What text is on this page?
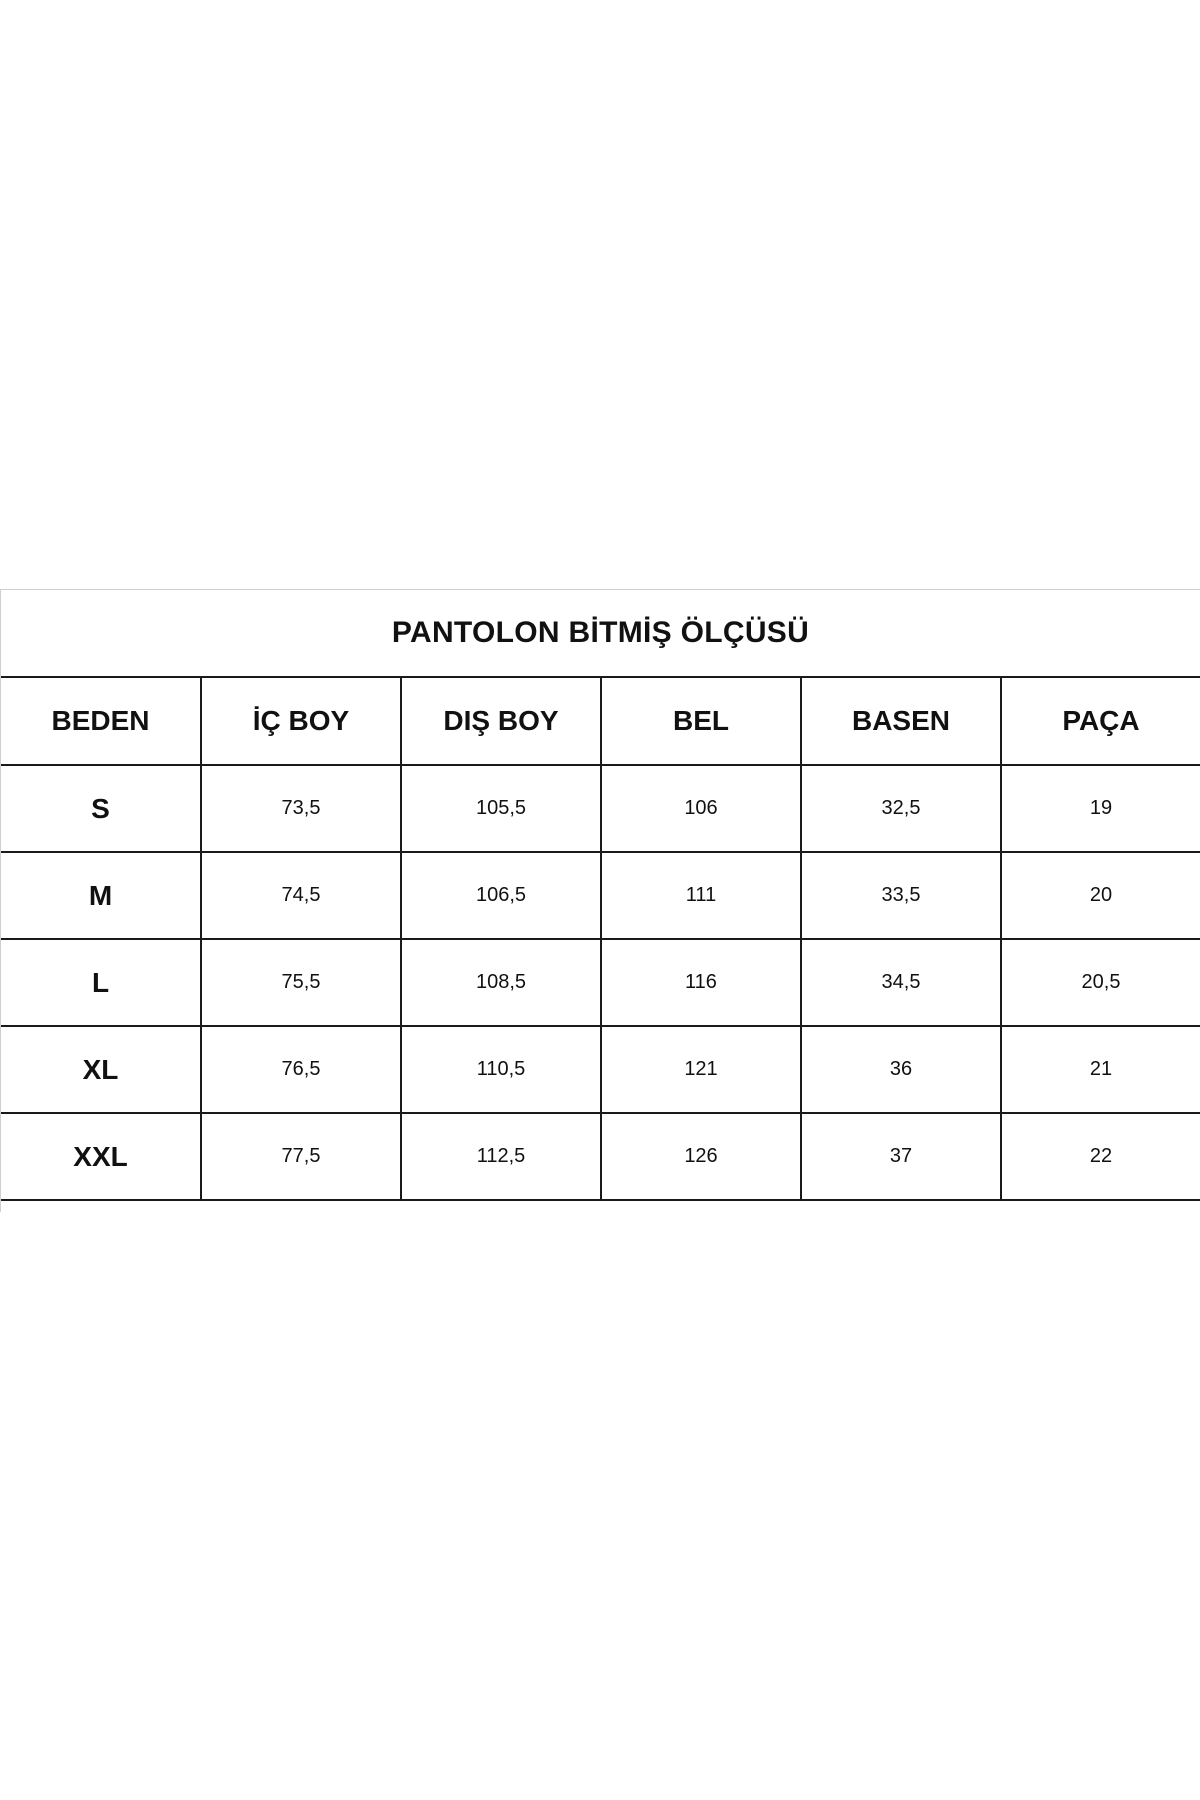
PANTOLON BİTMİŞ ÖLÇÜSÜ
BEDEN	İÇ BOY	DIŞ BOY	BEL	BASEN	PAÇA
S	73,5	105,5	106	32,5	19
M	74,5	106,5	111	33,5	20
L	75,5	108,5	116	34,5	20,5
XL	76,5	110,5	121	36	21
XXL	77,5	112,5	126	37	22
